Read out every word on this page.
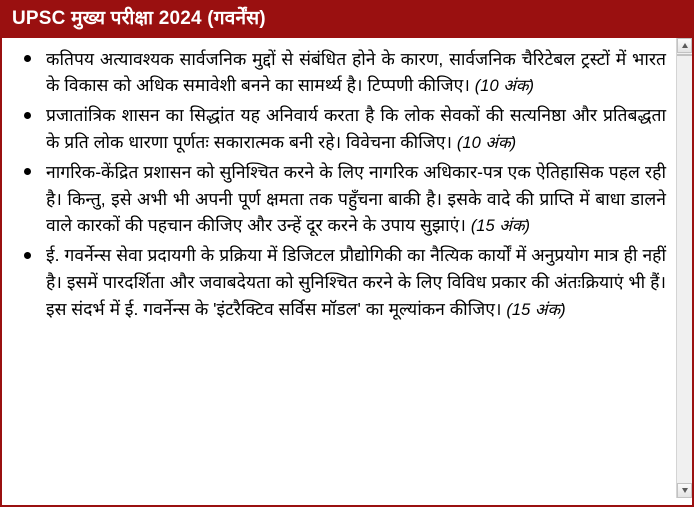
UPSC मुख्य परीक्षा 2024 (गवर्नेंस)
कतिपय अत्यावश्यक सार्वजनिक मुद्दों से संबंधित होने के कारण, सार्वजनिक चैरिटेबल ट्रस्टों में भारत के विकास को अधिक समावेशी बनने का सामर्थ्य है। टिप्पणी कीजिए। (10 अंक)
प्रजातांत्रिक शासन का सिद्धांत यह अनिवार्य करता है कि लोक सेवकों की सत्यनिष्ठा और प्रतिबद्धता के प्रति लोक धारणा पूर्णतः सकारात्मक बनी रहे। विवेचना कीजिए। (10 अंक)
नागरिक-केंद्रित प्रशासन को सुनिश्चित करने के लिए नागरिक अधिकार-पत्र एक ऐतिहासिक पहल रही है। किन्तु, इसे अभी भी अपनी पूर्ण क्षमता तक पहुँचना बाकी है। इसके वादे की प्राप्ति में बाधा डालने वाले कारकों की पहचान कीजिए और उन्हें दूर करने के उपाय सुझाएं। (15 अंक)
ई. गवर्नेन्स सेवा प्रदायगी के प्रक्रिया में डिजिटल प्रौद्योगिकी का नैत्यिक कार्यों में अनुप्रयोग मात्र ही नहीं है। इसमें पारदर्शिता और जवाबदेयता को सुनिश्चित करने के लिए विविध प्रकार की अंतःक्रियाएं भी हैं। इस संदर्भ में ई. गवर्नेन्स के 'इंटरैक्टिव सर्विस मॉडल' का मूल्यांकन कीजिए। (15 अंक)
